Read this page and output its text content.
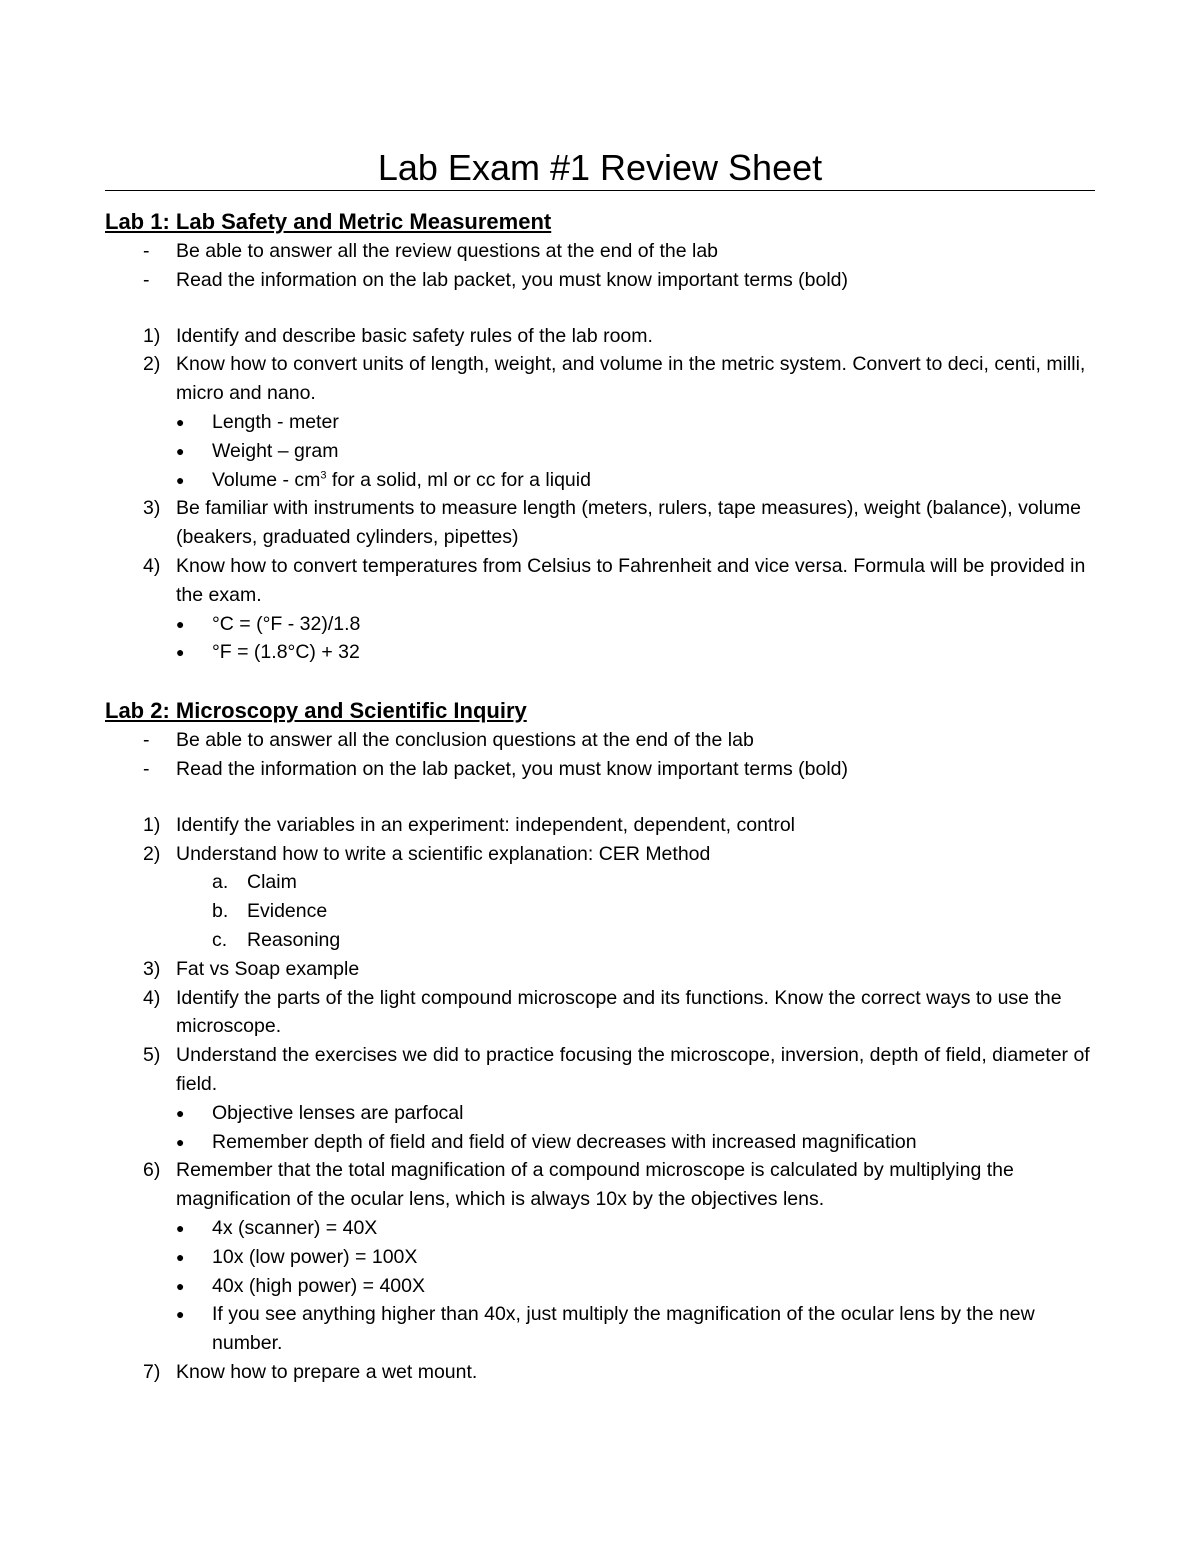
Lab Exam #1 Review Sheet
Lab 1: Lab Safety and Metric Measurement
- Be able to answer all the review questions at the end of the lab
- Read the information on the lab packet, you must know important terms (bold)
1) Identify and describe basic safety rules of the lab room.
2) Know how to convert units of length, weight, and volume in the metric system. Convert to deci, centi, milli, micro and nano.
● Length - meter
● Weight – gram
● Volume - $cm^3$ for a solid, ml or cc for a liquid
3) Be familiar with instruments to measure length (meters, rulers, tape measures), weight (balance), volume (beakers, graduated cylinders, pipettes)
4) Know how to convert temperatures from Celsius to Fahrenheit and vice versa. Formula will be provided in the exam.
● °C = (°F - 32)/1.8
● °F = (1.8°C) + 32
Lab 2: Microscopy and Scientific Inquiry
- Be able to answer all the conclusion questions at the end of the lab
- Read the information on the lab packet, you must know important terms (bold)
1) Identify the variables in an experiment: independent, dependent, control
2) Understand how to write a scientific explanation: CER Method
a. Claim
b. Evidence
c. Reasoning
3) Fat vs Soap example
4) Identify the parts of the light compound microscope and its functions. Know the correct ways to use the microscope.
5) Understand the exercises we did to practice focusing the microscope, inversion, depth of field, diameter of field.
● Objective lenses are parfocal
● Remember depth of field and field of view decreases with increased magnification
6) Remember that the total magnification of a compound microscope is calculated by multiplying the magnification of the ocular lens, which is always 10x by the objectives lens.
● 4x (scanner) = 40X
● 10x (low power) = 100X
● 40x (high power) = 400X
● If you see anything higher than 40x, just multiply the magnification of the ocular lens by the new number.
7) Know how to prepare a wet mount.
